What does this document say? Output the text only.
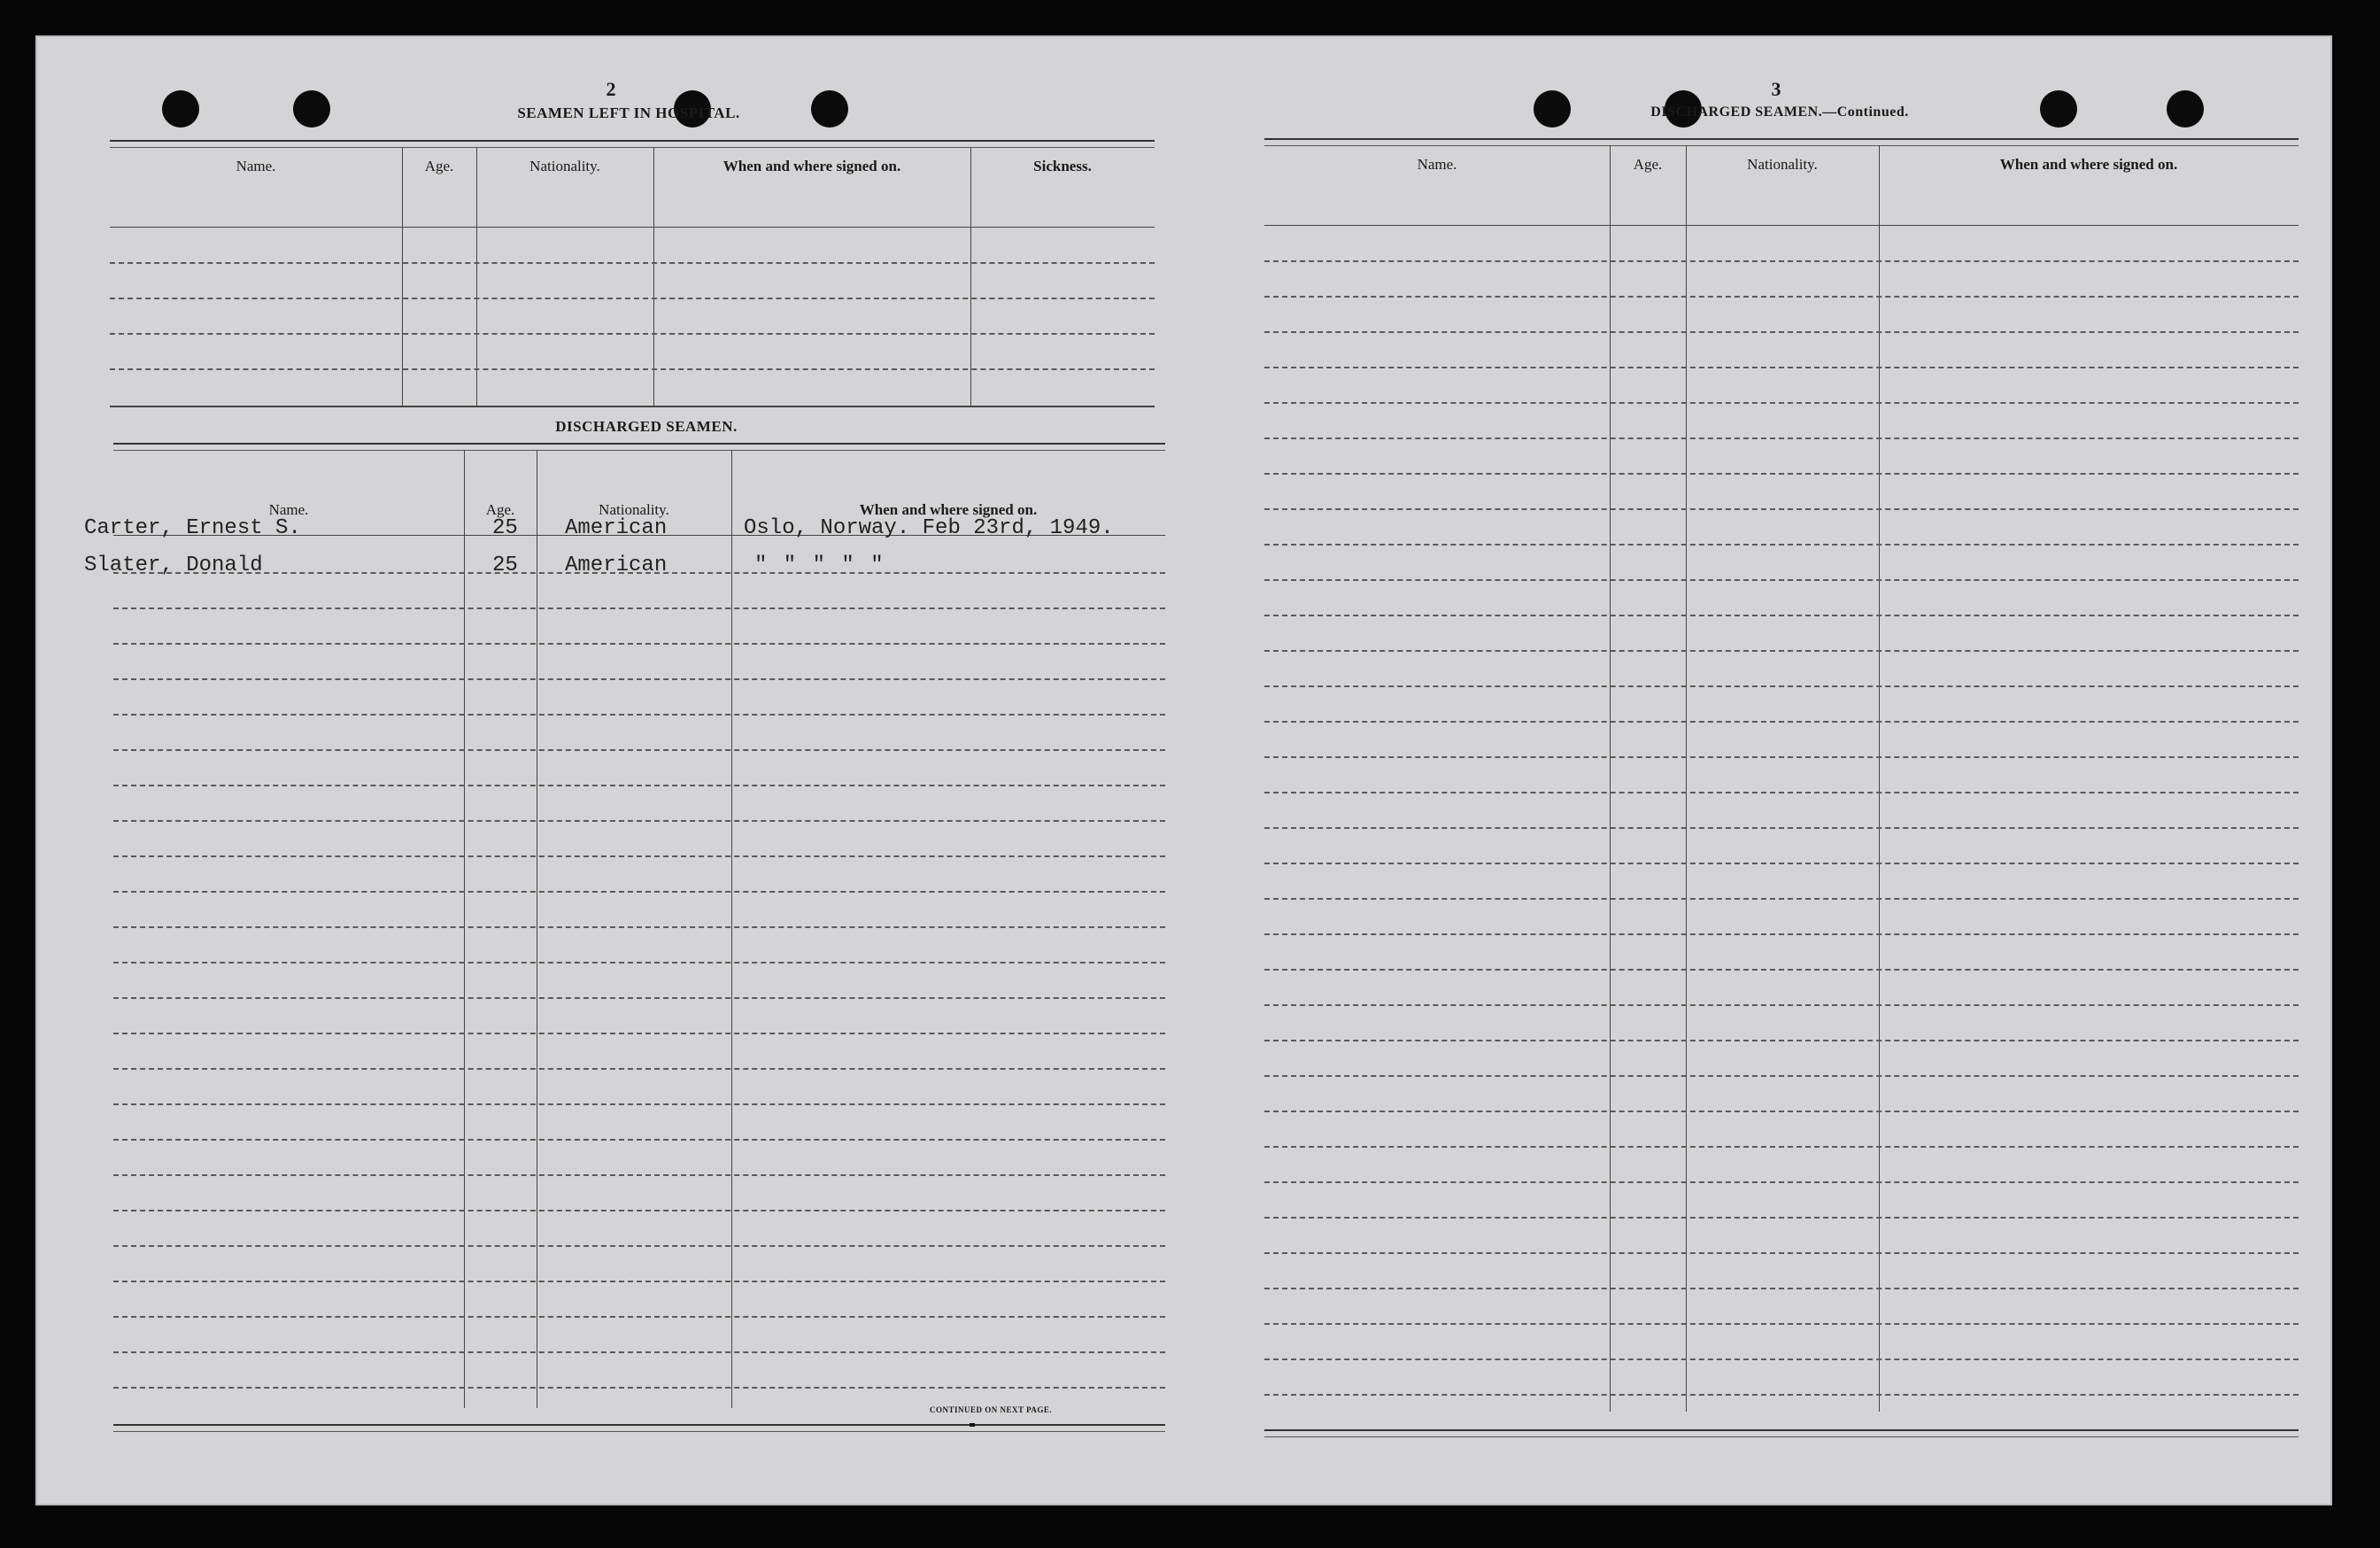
2
SEAMEN LEFT IN HOSPITAL.
Name.	Age.	Nationality.	When and where signed on.	Sickness.
DISCHARGED SEAMEN.
Name.	Age.	Nationality.	When and where signed on.
Carter, Ernest S.	25 American	Oslo, Norway. Feb 23rd, 1949.
Slater, Donald	25 American	" " " " "
CONTINUED ON NEXT PAGE.
3
DISCHARGED SEAMEN.—Continued.
Name.	Age.	Nationality.	When and where signed on.
